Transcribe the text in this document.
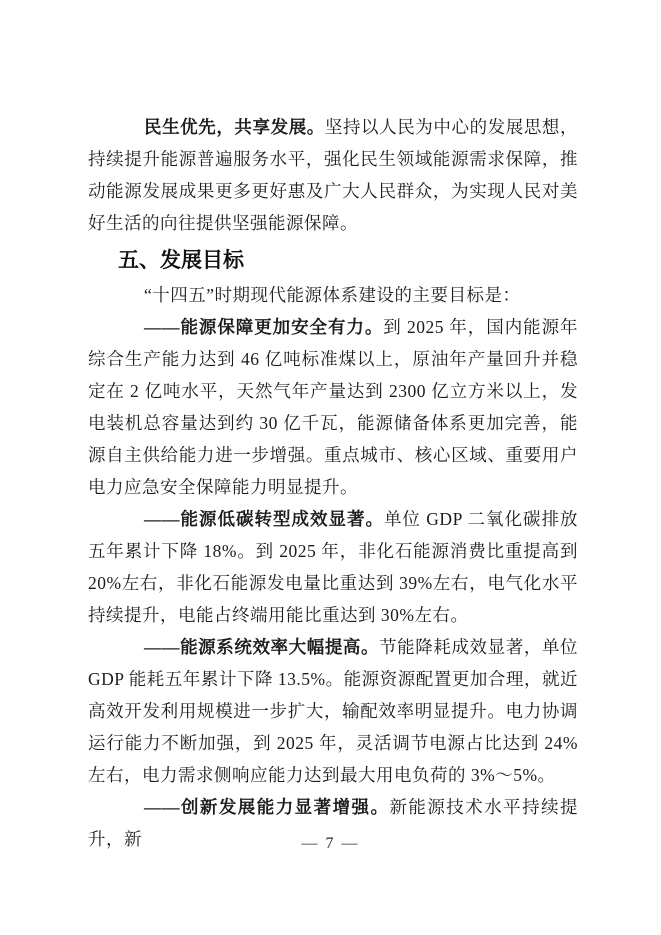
民生优先，共享发展。坚持以人民为中心的发展思想，持续提升能源普遍服务水平，强化民生领域能源需求保障，推动能源发展成果更多更好惠及广大人民群众，为实现人民对美好生活的向往提供坚强能源保障。

五、发展目标

“十四五”时期现代能源体系建设的主要目标是：

——能源保障更加安全有力。到 2025 年，国内能源年综合生产能力达到 46 亿吨标准煤以上，原油年产量回升并稳定在 2 亿吨水平，天然气年产量达到 2300 亿立方米以上，发电装机总容量达到约 30 亿千瓦，能源储备体系更加完善，能源自主供给能力进一步增强。重点城市、核心区域、重要用户电力应急安全保障能力明显提升。

——能源低碳转型成效显著。单位 GDP 二氧化碳排放五年累计下降 18%。到 2025 年，非化石能源消费比重提高到 20%左右，非化石能源发电量比重达到 39%左右，电气化水平持续提升，电能占终端用能比重达到 30%左右。

——能源系统效率大幅提高。节能降耗成效显著，单位 GDP 能耗五年累计下降 13.5%。能源资源配置更加合理，就近高效开发利用规模进一步扩大，输配效率明显提升。电力协调运行能力不断加强，到 2025 年，灵活调节电源占比达到 24%左右，电力需求侧响应能力达到最大用电负荷的 3%～5%。

——创新发展能力显著增强。新能源技术水平持续提升，新	— 7 —
